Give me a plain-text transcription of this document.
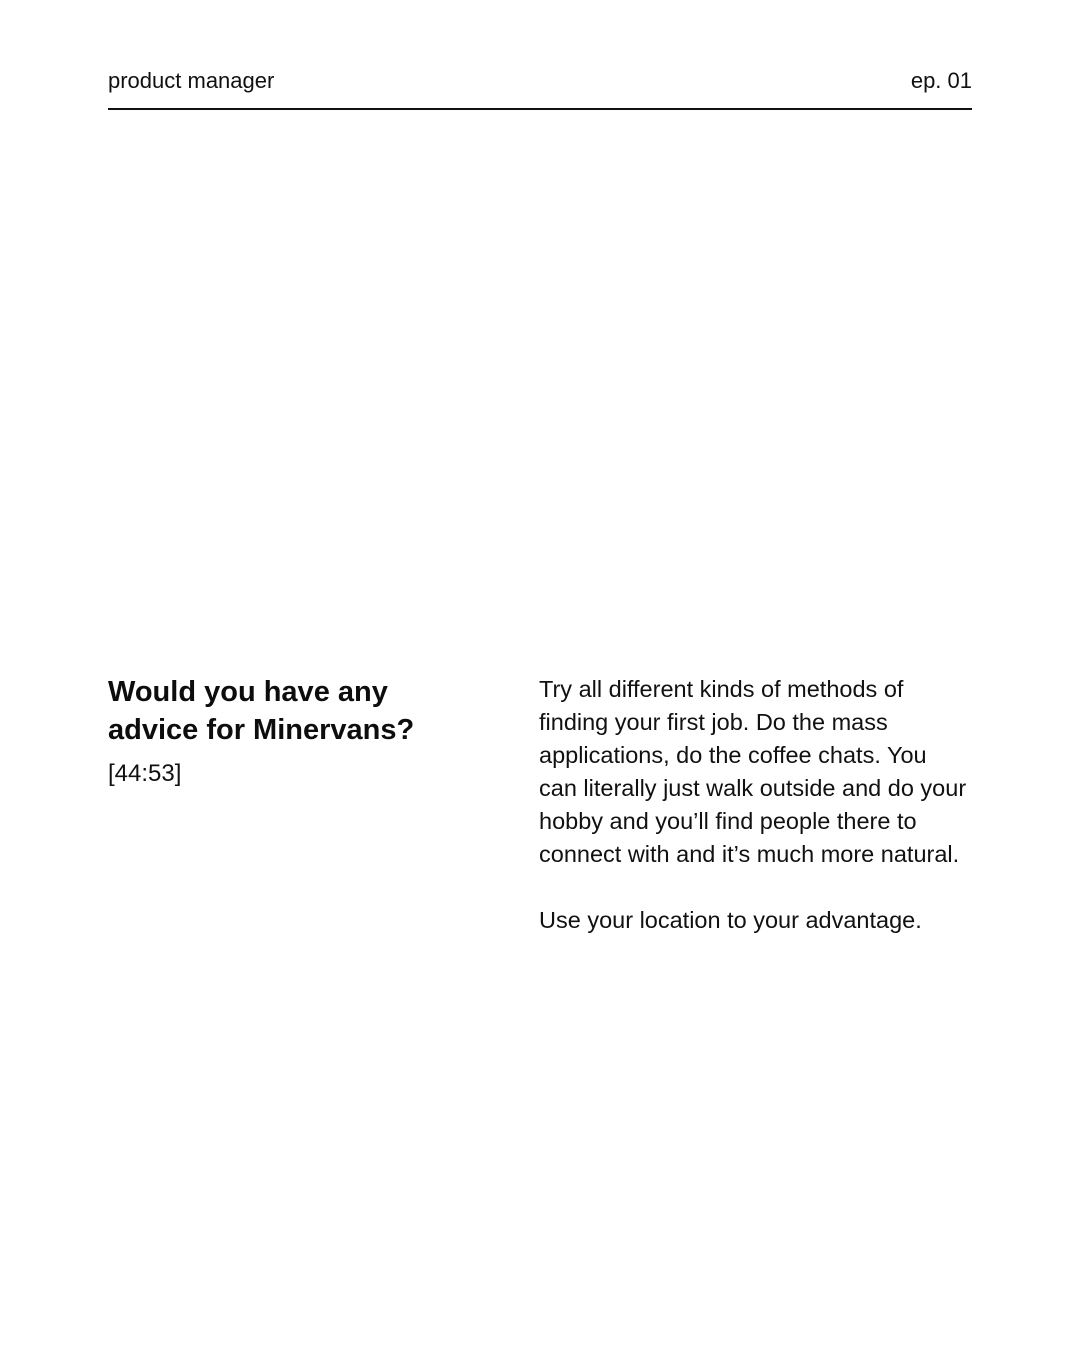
product manager	ep. 01
Would you have any advice for Minervans?
[44:53]

Try all different kinds of methods of finding your first job. Do the mass applications, do the coffee chats. You can literally just walk outside and do your hobby and you’ll find people there to connect with and it’s much more natural.

Use your location to your advantage.
